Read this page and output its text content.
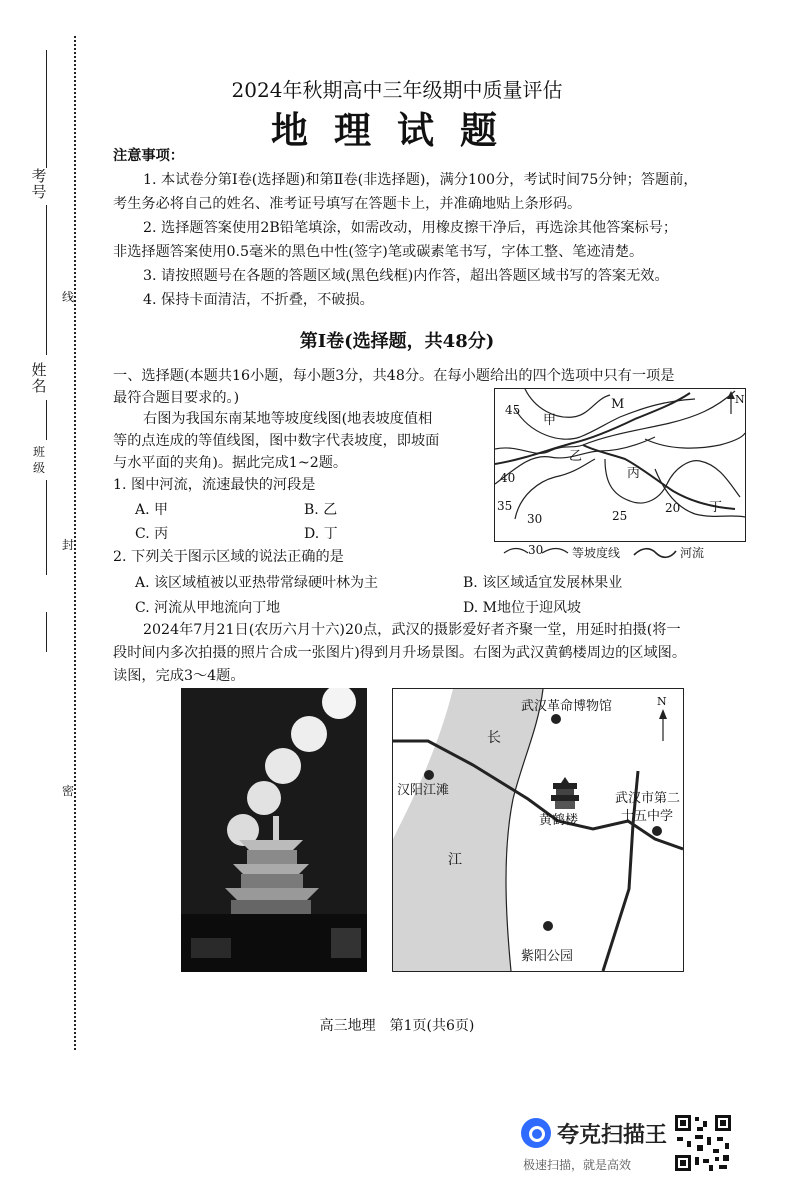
考号
姓名
班级
线
封
密
2024年秋期高中三年级期中质量评估
地理试题
注意事项：
1. 本试卷分第Ⅰ卷(选择题)和第Ⅱ卷(非选择题)，满分100分，考试时间75分钟；答题前，
考生务必将自己的姓名、准考证号填写在答题卡上，并准确地贴上条形码。
2. 选择题答案使用2B铅笔填涂，如需改动，用橡皮擦干净后，再选涂其他答案标号；
非选择题答案使用0.5毫米的黑色中性(签字)笔或碳素笔书写，字体工整、笔迹清楚。
3. 请按照题号在各题的答题区域(黑色线框)内作答，超出答题区域书写的答案无效。
4. 保持卡面清洁，不折叠，不破损。
第Ⅰ卷(选择题，共48分)
一、选择题(本题共16小题，每小题3分，共48分。在每小题给出的四个选项中只有一项是
最符合题目要求的。)
右图为我国东南某地等坡度线图(地表坡度值相
等的点连成的等值线图，图中数字代表坡度，即坡面
与水平面的夹角)。据此完成1~2题。
1. 图中河流，流速最快的河段是
A. 甲	B. 乙
C. 丙	D. 丁
2. 下列关于图示区域的说法正确的是
A. 该区域植被以亚热带常绿硬叶林为主	B. 该区域适宜发展林果业
C. 河流从甲地流向丁地	D. M地位于迎风坡
2024年7月21日(农历六月十六)20点，武汉的摄影爱好者齐聚一堂，用延时拍摄(将一
段时间内多次拍摄的照片合成一张图片)得到月升场景图。右图为武汉黄鹤楼周边的区域图。
读图，完成3～4题。
45
40
35
30	25
20
甲
乙
丙
丁
M	N
30 等坡度线	河流
武汉革命博物馆
长
江
汉阳江滩
黄鹤楼
武汉市第二
十五中学
紫阳公园
N
高三地理　第1页(共6页)
夸克扫描王
极速扫描，就是高效
